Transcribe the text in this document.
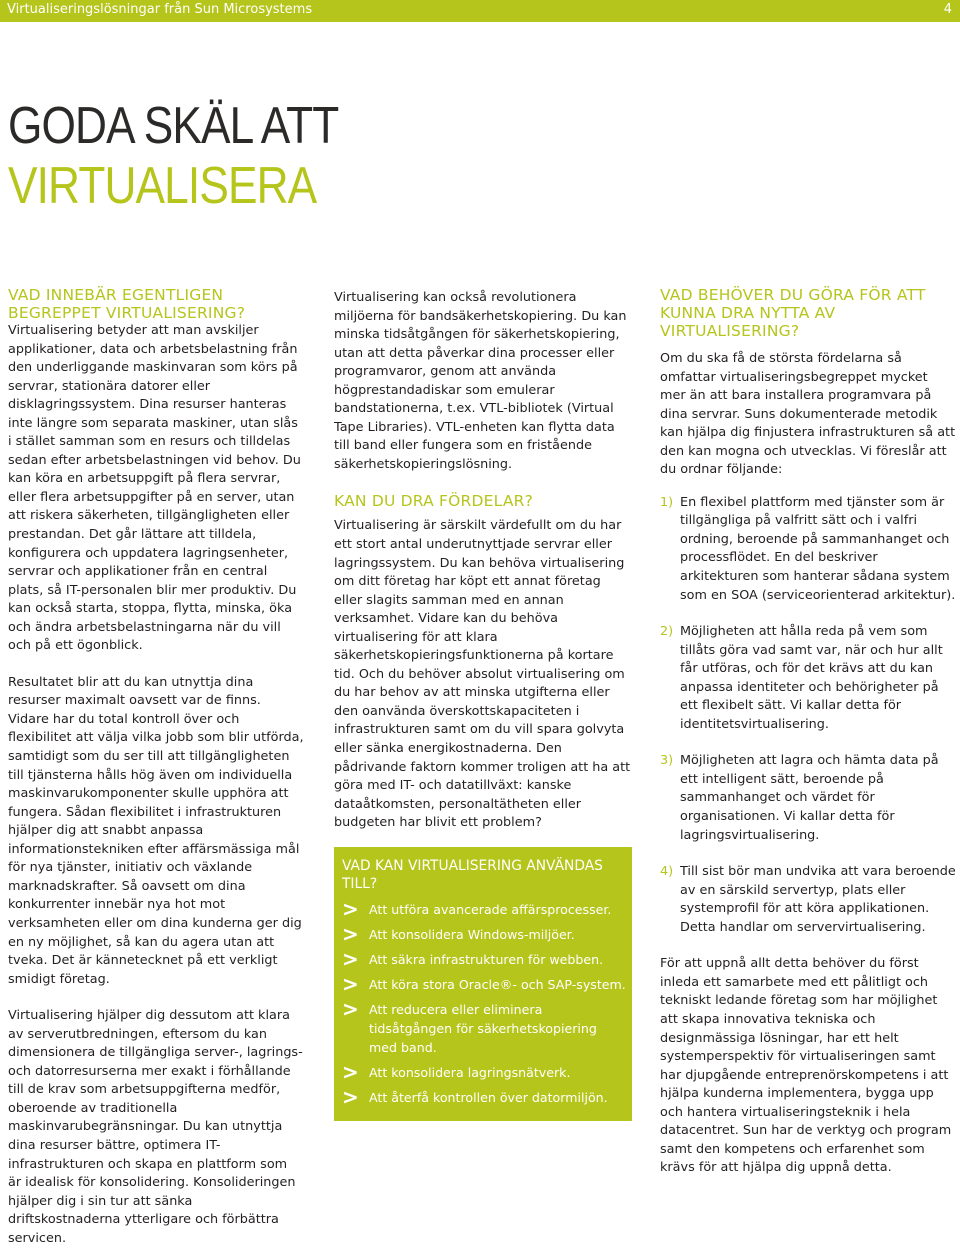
Virtualiseringslösningar från Sun Microsystems	4
GODA SKÄL ATT
VIRTUALISERA
VAD INNEBÄR EGENTLIGEN BEGREPPET VIRTUALISERING?

Virtualisering betyder att man avskiljer applikationer, data och arbetsbelastning från den underliggande maskinvaran som körs på servrar, stationära datorer eller disklagringssystem. Dina resurser hanteras inte längre som separata maskiner, utan slås i stället samman som en resurs och tilldelas sedan efter arbetsbelastningen vid behov. Du kan köra en arbetsuppgift på flera servrar, eller flera arbetsuppgifter på en server, utan att riskera säkerheten, tillgängligheten eller prestandan. Det går lättare att tilldela, konfigurera och uppdatera lagringsenheter, servrar och applikationer från en central plats, så IT-personalen blir mer produktiv. Du kan också starta, stoppa, flytta, minska, öka och ändra arbetsbelastningarna när du vill och på ett ögonblick.

Resultatet blir att du kan utnyttja dina resurser maximalt oavsett var de finns. Vidare har du total kontroll över och flexibilitet att välja vilka jobb som blir utförda, samtidigt som du ser till att tillgängligheten till tjänsterna hålls hög även om individuella maskinvarukomponenter skulle upphöra att fungera. Sådan flexibilitet i infrastrukturen hjälper dig att snabbt anpassa informationstekniken efter affärsmässiga mål för nya tjänster, initiativ och växlande marknadskrafter. Så oavsett om dina konkurrenter innebär nya hot mot verksamheten eller om dina kunderna ger dig en ny möjlighet, så kan du agera utan att tveka. Det är kännetecknet på ett verkligt smidigt företag.

Virtualisering hjälper dig dessutom att klara av serverutbredningen, eftersom du kan dimensionera de tillgängliga server-, lagrings- och datorresurserna mer exakt i förhållande till de krav som arbetsuppgifterna medför, oberoende av traditionella maskinvarubegränsningar. Du kan utnyttja dina resurser bättre, optimera IT-infrastrukturen och skapa en plattform som är idealisk för konsolidering. Konsolideringen hjälper dig i sin tur att sänka driftskostnaderna ytterligare och förbättra servicen.

Virtualisering kan också revolutionera miljöerna för bandsäkerhetskopiering. Du kan minska tidsåtgången för säkerhetskopiering, utan att detta påverkar dina processer eller programvaror, genom att använda högprestandadiskar som emulerar bandstationerna, t.ex. VTL-bibliotek (Virtual Tape Libraries). VTL-enheten kan flytta data till band eller fungera som en fristående säkerhetskopieringslösning.

KAN DU DRA FÖRDELAR?

Virtualisering är särskilt värdefullt om du har ett stort antal underutnyttjade servrar eller lagringssystem. Du kan behöva virtualisering om ditt företag har köpt ett annat företag eller slagits samman med en annan verksamhet. Vidare kan du behöva virtualisering för att klara säkerhetskopieringsfunktionerna på kortare tid. Och du behöver absolut virtualisering om du har behov av att minska utgifterna eller den oanvända överskottskapaciteten i infrastrukturen samt om du vill spara golvyta eller sänka energikostnaderna. Den pådrivande faktorn kommer troligen att ha att göra med IT- och datatillväxt: kanske dataåtkomsten, personaltätheten eller budgeten har blivit ett problem?

VAD KAN VIRTUALISERING ANVÄNDAS TILL?
> Att utföra avancerade affärsprocesser.
> Att konsolidera Windows-miljöer.
> Att säkra infrastrukturen för webben.
> Att köra stora Oracle®- och SAP-system.
> Att reducera eller eliminera tidsåtgången för säkerhetskopiering med band.
> Att konsolidera lagringsnätverk.
> Att återfå kontrollen över datormiljön.
VAD BEHÖVER DU GÖRA FÖR ATT KUNNA DRA NYTTA AV VIRTUALISERING?

Om du ska få de största fördelarna så omfattar virtualiseringsbegreppet mycket mer än att bara installera programvara på dina servrar. Suns dokumenterade metodik kan hjälpa dig finjustera infrastrukturen så att den kan mogna och utvecklas. Vi föreslår att du ordnar följande:

1) En flexibel plattform med tjänster som är tillgängliga på valfritt sätt och i valfri ordning, beroende på sammanhanget och processflödet. En del beskriver arkitekturen som hanterar sådana system som en SOA (serviceorienterad arkitektur).
2) Möjligheten att hålla reda på vem som tillåts göra vad samt var, när och hur allt får utföras, och för det krävs att du kan anpassa identiteter och behörigheter på ett flexibelt sätt. Vi kallar detta för identitetsvirtualisering.
3) Möjligheten att lagra och hämta data på ett intelligent sätt, beroende på sammanhanget och värdet för organisationen. Vi kallar detta för lagringsvirtualisering.
4) Till sist bör man undvika att vara beroende av en särskild servertyp, plats eller systemprofil för att köra applikationen. Detta handlar om servervirtualisering.

För att uppnå allt detta behöver du först inleda ett samarbete med ett pålitligt och tekniskt ledande företag som har möjlighet att skapa innovativa tekniska och designmässiga lösningar, har ett helt systemperspektiv för virtualiseringen samt har djupgående entreprenörskompetens i att hjälpa kunderna implementera, bygga upp och hantera virtualiseringsteknik i hela datacentret. Sun har de verktyg och program samt den kompetens och erfarenhet som krävs för att hjälpa dig uppnå detta.
